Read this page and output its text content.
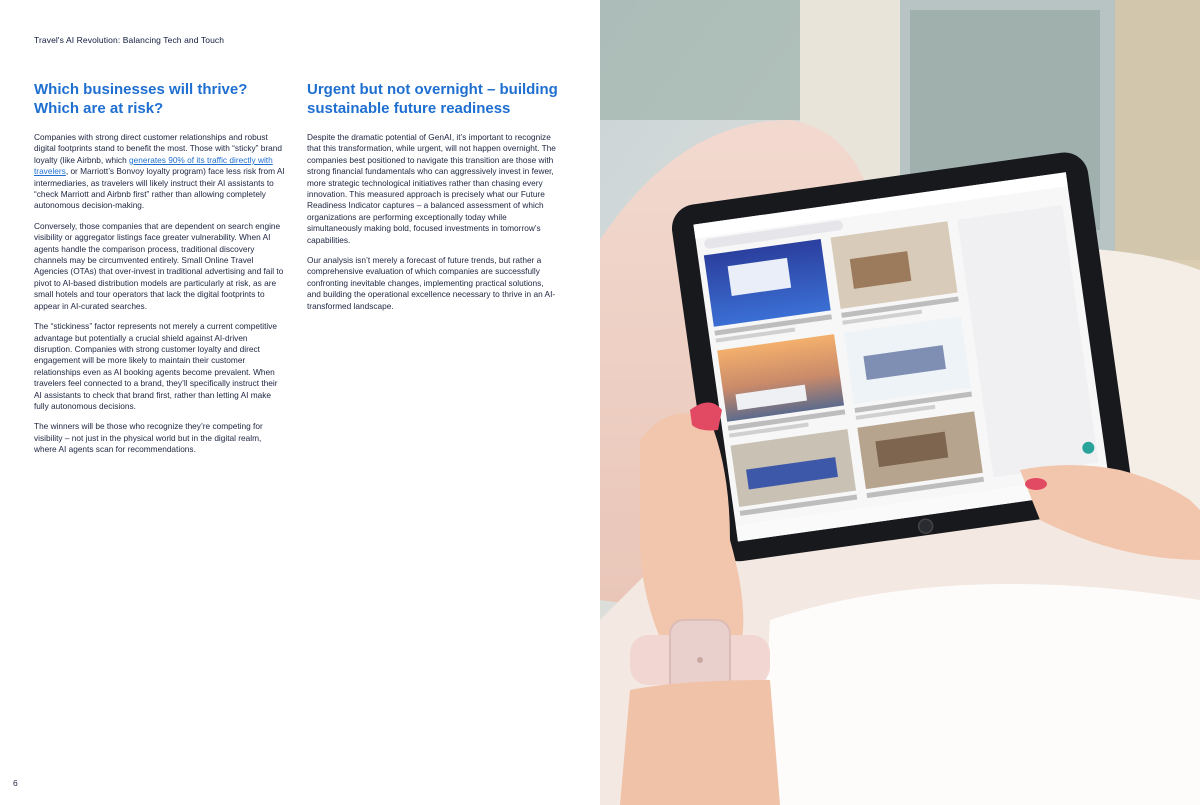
Travel's AI Revolution: Balancing Tech and Touch
Which businesses will thrive?
Which are at risk?

Companies with strong direct customer relationships and robust digital footprints stand to benefit the most. Those with “sticky” brand loyalty (like Airbnb, which generates 90% of its traffic directly with travelers, or Marriott’s Bonvoy loyalty program) face less risk from AI intermediaries, as travelers will likely instruct their AI assistants to “check Marriott and Airbnb first” rather than allowing completely autonomous decision-making.

Conversely, those companies that are dependent on search engine visibility or aggregator listings face greater vulnerability. When AI agents handle the comparison process, traditional discovery channels may be circumvented entirely. Small Online Travel Agencies (OTAs) that over-invest in traditional advertising and fail to pivot to AI-based distribution models are particularly at risk, as are small hotels and tour operators that lack the digital footprints to appear in AI-curated searches.

The “stickiness” factor represents not merely a current competitive advantage but potentially a crucial shield against AI-driven disruption. Companies with strong customer loyalty and direct engagement will be more likely to maintain their customer relationships even as AI booking agents become prevalent. When travelers feel connected to a brand, they’ll specifically instruct their AI assistants to check that brand first, rather than letting AI make fully autonomous decisions.

The winners will be those who recognize they’re competing for visibility – not just in the physical world but in the digital realm, where AI agents scan for recommendations.

Urgent but not overnight – building
sustainable future readiness

Despite the dramatic potential of GenAI, it’s important to recognize that this transformation, while urgent, will not happen overnight. The companies best positioned to navigate this transition are those with strong financial fundamentals who can aggressively invest in fewer, more strategic technological initiatives rather than chasing every innovation. This measured approach is precisely what our Future Readiness Indicator captures – a balanced assessment of which organizations are performing exceptionally today while simultaneously making bold, focused investments in tomorrow’s capabilities.

Our analysis isn’t merely a forecast of future trends, but rather a comprehensive evaluation of which companies are successfully confronting inevitable changes, implementing practical solutions, and building the operational excellence necessary to thrive in an AI-transformed landscape.

6	7
